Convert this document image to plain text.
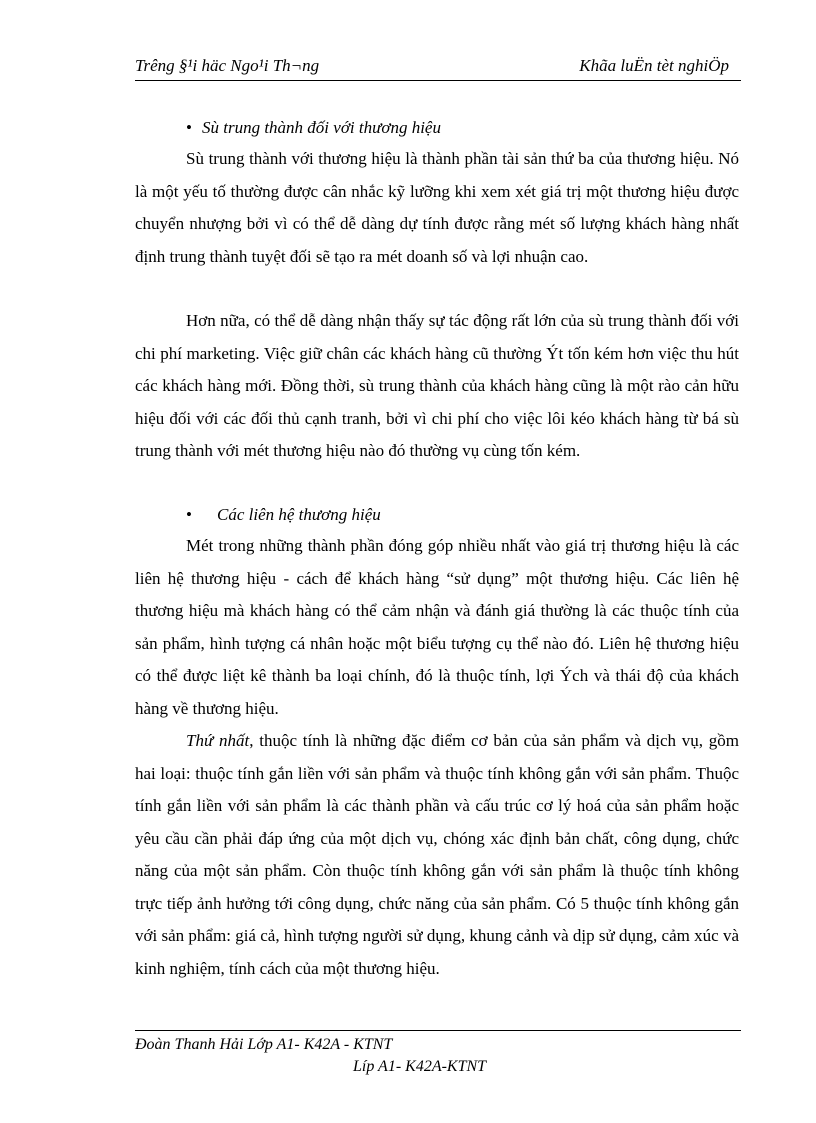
Trêng §¹i häc Ngo¹i Th¬ng	Khãa luËn tèt nghiÖp
• Sù trung thành đối với thương hiệu

Sù trung thành với thương hiệu là thành phần tài sản thứ ba của thương hiệu. Nó là một yếu tố thường được cân nhắc kỹ lưỡng khi xem xét giá trị một thương hiệu được chuyển nhượng bởi vì có thể dễ dàng dự tính được rằng mét số lượng khách hàng nhất định trung thành tuyệt đối sẽ tạo ra mét doanh số và lợi nhuận cao.

Hơn nữa, có thể dễ dàng nhận thấy sự tác động rất lớn của sù trung thành đối với chi phí marketing. Việc giữ chân các khách hàng cũ thường Ýt tốn kém hơn việc thu hút các khách hàng mới. Đồng thời, sù trung thành của khách hàng cũng là một rào cản hữu hiệu đối với các đối thủ cạnh tranh, bởi vì chi phí cho việc lôi kéo khách hàng từ bá sù trung thành với mét thương hiệu nào đó thường vụ cùng tốn kém.

• Các liên hệ thương hiệu

Mét trong những thành phần đóng góp nhiều nhất vào giá trị thương hiệu là các liên hệ thương hiệu - cách để khách hàng “sử dụng” một thương hiệu. Các liên hệ thương hiệu mà khách hàng có thể cảm nhận và đánh giá thường là các thuộc tính của sản phẩm, hình tượng cá nhân hoặc một biểu tượng cụ thể nào đó. Liên hệ thương hiệu có thể được liệt kê thành ba loại chính, đó là thuộc tính, lợi Ých và thái độ của khách hàng về thương hiệu.

Thứ nhất, thuộc tính là những đặc điểm cơ bản của sản phẩm và dịch vụ, gồm hai loại: thuộc tính gắn liền với sản phẩm và thuộc tính không gắn với sản phẩm. Thuộc tính gắn liền với sản phẩm là các thành phần và cấu trúc cơ lý hoá của sản phẩm hoặc yêu cầu cần phải đáp ứng của một dịch vụ, chóng xác định bản chất, công dụng, chức năng của một sản phẩm. Còn thuộc tính không gắn với sản phẩm là thuộc tính không trực tiếp ảnh hưởng tới công dụng, chức năng của sản phẩm. Có 5 thuộc tính không gắn với sản phẩm: giá cả, hình tượng người sử dụng, khung cảnh và dịp sử dụng, cảm xúc và kinh nghiệm, tính cách của một thương hiệu.

Đoàn Thanh Hải Lớp A1- K42A - KTNT
Líp A1- K42A-KTNT
